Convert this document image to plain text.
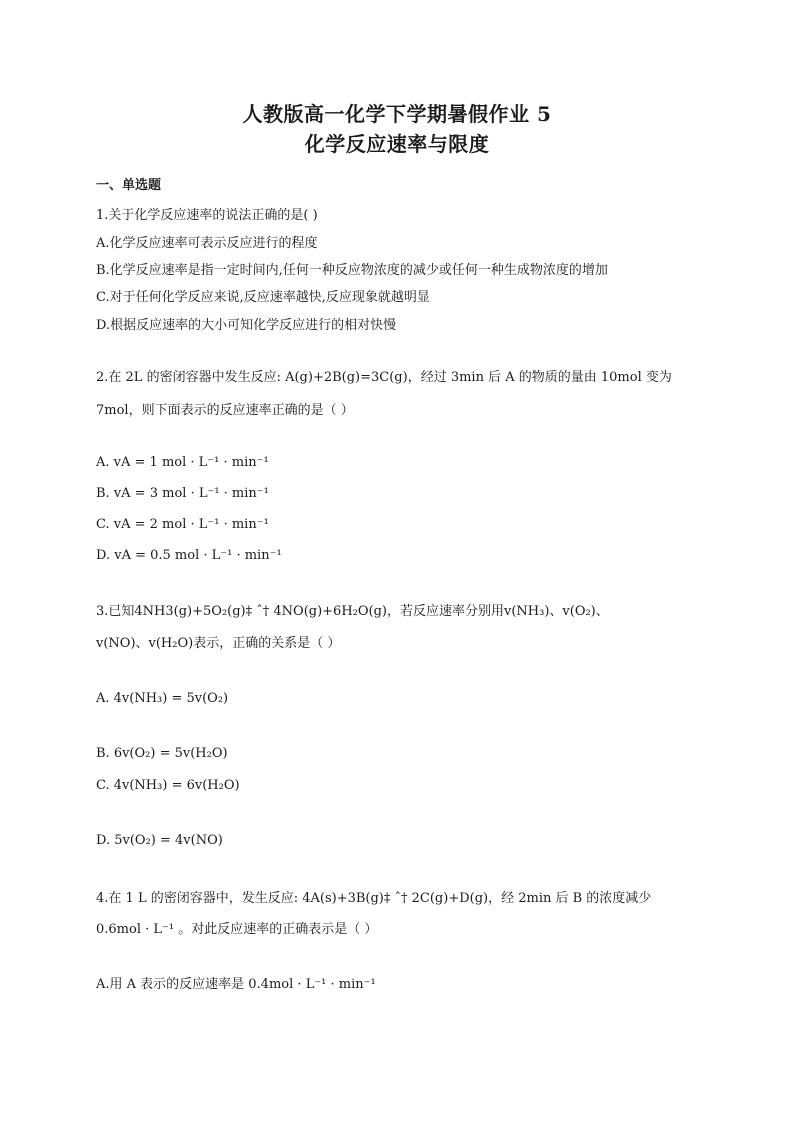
人教版高一化学下学期暑假作业 5
化学反应速率与限度
一、单选题
1.关于化学反应速率的说法正确的是( )
A.化学反应速率可表示反应进行的程度
B.化学反应速率是指一定时间内,任何一种反应物浓度的减少或任何一种生成物浓度的增加
C.对于任何化学反应来说,反应速率越快,反应现象就越明显
D.根据反应速率的大小可知化学反应进行的相对快慢
2.在 2L 的密闭容器中发生反应: A(g)+2B(g)=3C(g)，经过 3min 后 A 的物质的量由 10mol 变为
7mol，则下面表示的反应速率正确的是（ ）
A. vA = 1 mol · L⁻¹ · min⁻¹
B. vA = 3 mol · L⁻¹ · min⁻¹
C. vA = 2 mol · L⁻¹ · min⁻¹
D. vA = 0.5 mol · L⁻¹ · min⁻¹
3.已知4NH3(g)+5O₂(g)‡ ˆ† 4NO(g)+6H₂O(g)，若反应速率分别用v(NH₃)、v(O₂)、
v(NO)、v(H₂O)表示，正确的关系是（ ）
A. 4v(NH₃) = 5v(O₂)
B. 6v(O₂) = 5v(H₂O)
C. 4v(NH₃) = 6v(H₂O)
D. 5v(O₂) = 4v(NO)
4.在 1 L 的密闭容器中，发生反应: 4A(s)+3B(g)‡ ˆ† 2C(g)+D(g)，经 2min 后 B 的浓度减少
0.6mol · L⁻¹ 。对此反应速率的正确表示是（ ）
A.用 A 表示的反应速率是 0.4mol · L⁻¹ · min⁻¹
